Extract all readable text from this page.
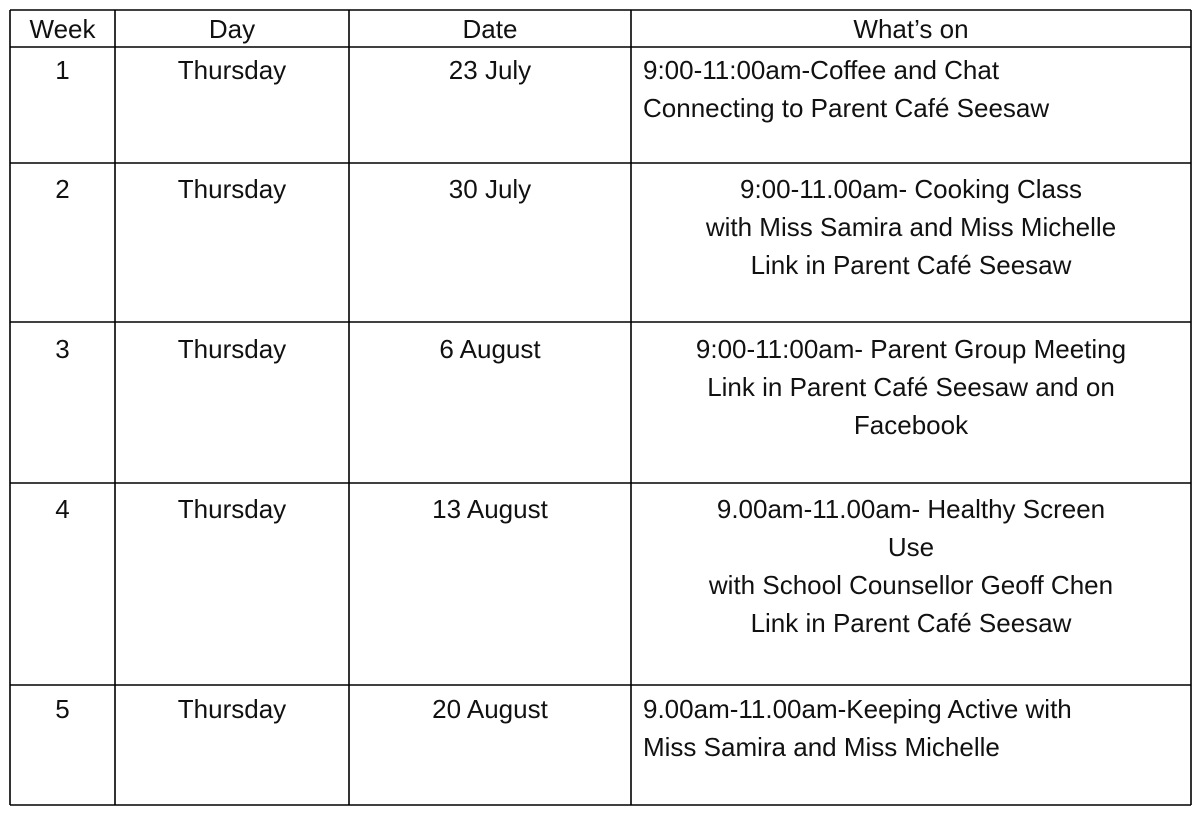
Week	Day	Date	What’s on
1	Thursday	23 July	9:00-11:00am-Coffee and Chat
Connecting to Parent Café Seesaw
2	Thursday	30 July	9:00-11.00am- Cooking Class
with Miss Samira and Miss Michelle
Link in Parent Café Seesaw
3	Thursday	6 August	9:00-11:00am- Parent Group Meeting
Link in Parent Café Seesaw and on
Facebook
4	Thursday	13 August	9.00am-11.00am- Healthy Screen
Use
with School Counsellor Geoff Chen
Link in Parent Café Seesaw
5	Thursday	20 August	9.00am-11.00am-Keeping Active with
Miss Samira and Miss Michelle
